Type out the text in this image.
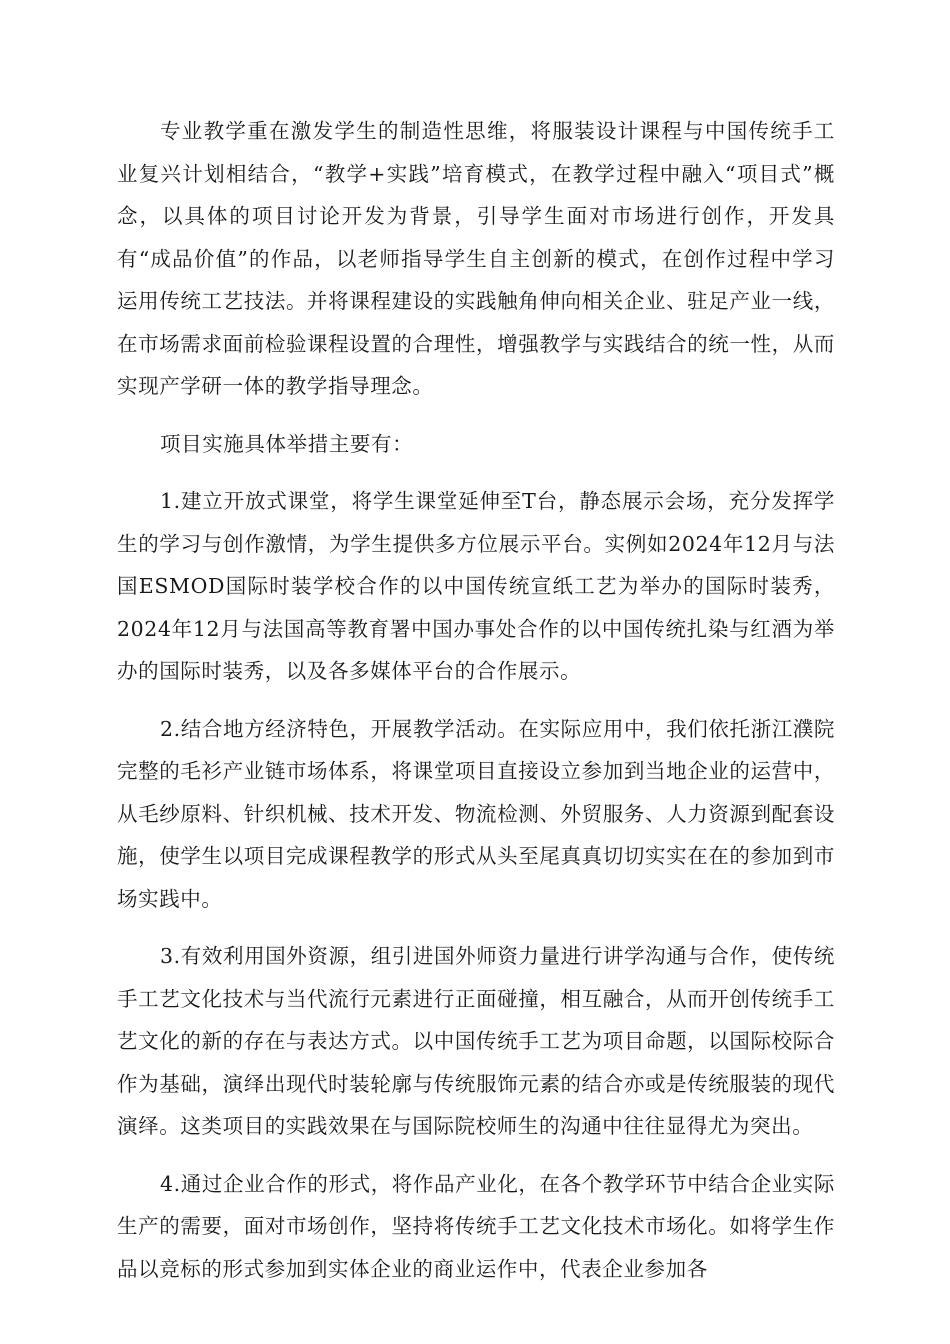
专业教学重在激发学生的制造性思维，将服装设计课程与中国传统手工业复兴计划相结合，“教学+实践”培育模式，在教学过程中融入“项目式”概念，以具体的项目讨论开发为背景，引导学生面对市场进行创作，开发具有“成品价值”的作品，以老师指导学生自主创新的模式，在创作过程中学习运用传统工艺技法。并将课程建设的实践触角伸向相关企业、驻足产业一线，在市场需求面前检验课程设置的合理性，增强教学与实践结合的统一性，从而实现产学研一体的教学指导理念。

项目实施具体举措主要有：

1.建立开放式课堂，将学生课堂延伸至T台，静态展示会场，充分发挥学生的学习与创作激情，为学生提供多方位展示平台。实例如2024年12月与法国ESMOD国际时装学校合作的以中国传统宣纸工艺为举办的国际时装秀，2024年12月与法国高等教育署中国办事处合作的以中国传统扎染与红酒为举办的国际时装秀，以及各多媒体平台的合作展示。

2.结合地方经济特色，开展教学活动。在实际应用中，我们依托浙江濮院完整的毛衫产业链市场体系，将课堂项目直接设立参加到当地企业的运营中，从毛纱原料、针织机械、技术开发、物流检测、外贸服务、人力资源到配套设施，使学生以项目完成课程教学的形式从头至尾真真切切实实在在的参加到市场实践中。

3.有效利用国外资源，组引进国外师资力量进行讲学沟通与合作，使传统手工艺文化技术与当代流行元素进行正面碰撞，相互融合，从而开创传统手工艺文化的新的存在与表达方式。以中国传统手工艺为项目命题，以国际校际合作为基础，演绎出现代时装轮廓与传统服饰元素的结合亦或是传统服装的现代演绎。这类项目的实践效果在与国际院校师生的沟通中往往显得尤为突出。

4.通过企业合作的形式，将作品产业化，在各个教学环节中结合企业实际生产的需要，面对市场创作，坚持将传统手工艺文化技术市场化。如将学生作品以竞标的形式参加到实体企业的商业运作中，代表企业参加各
